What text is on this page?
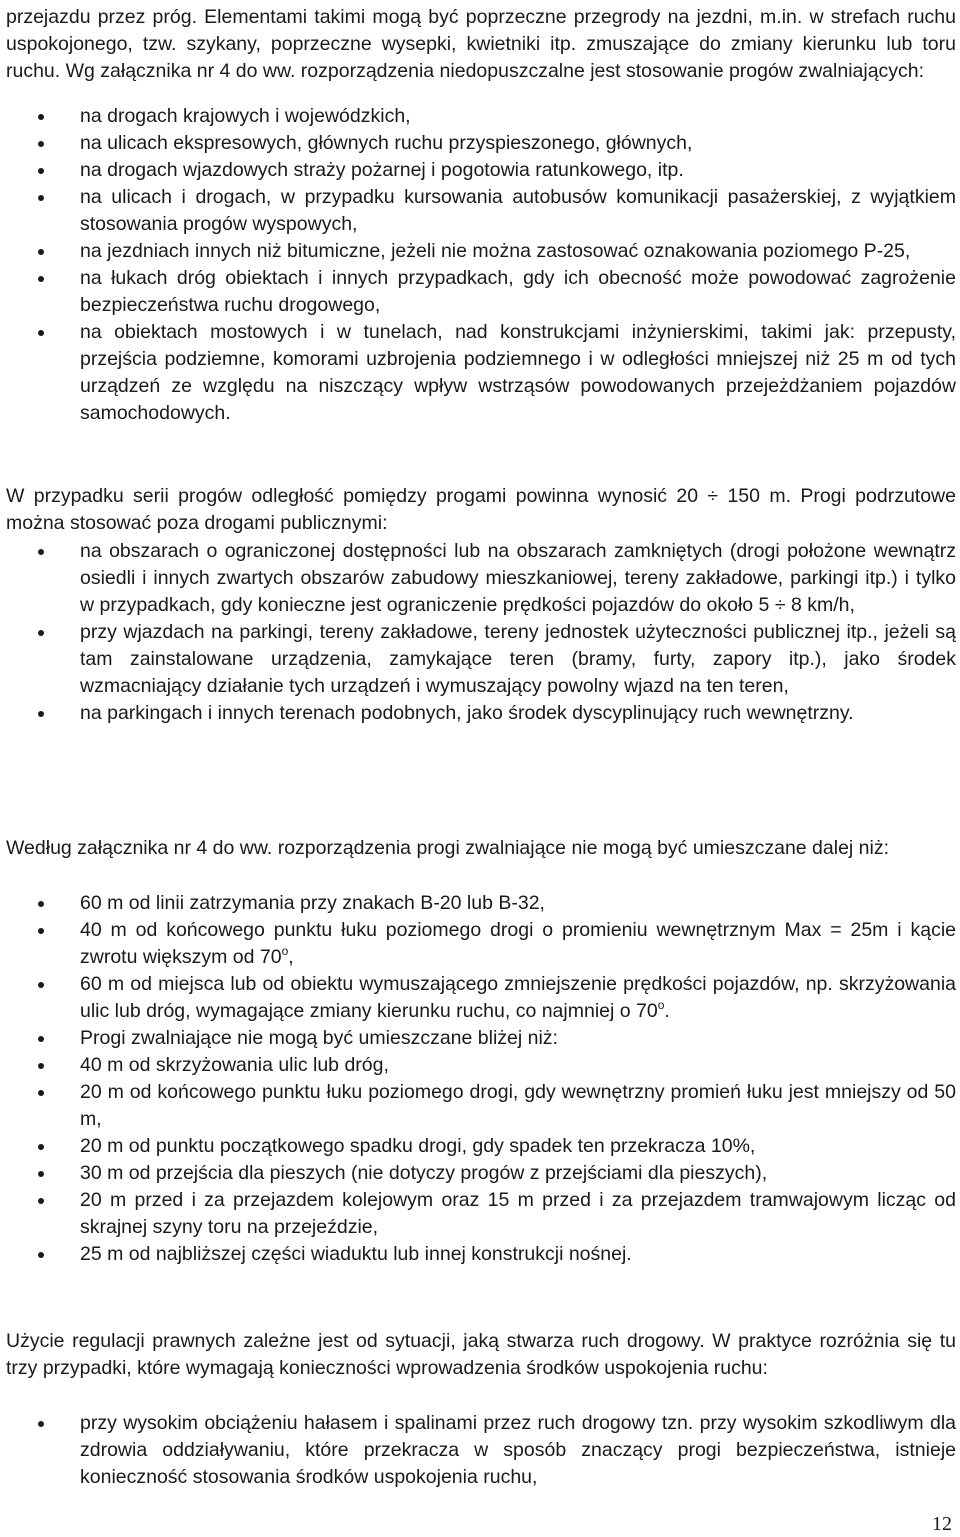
przejazdu przez próg. Elementami takimi mogą być poprzeczne przegrody na jezdni, m.in. w strefach ruchu uspokojonego, tzw. szykany, poprzeczne wysepki, kwietniki itp. zmuszające do zmiany kierunku lub toru ruchu. Wg załącznika nr 4 do ww. rozporządzenia niedopuszczalne jest stosowanie progów zwalniających:

na drogach krajowych i wojewódzkich,
na ulicach ekspresowych, głównych ruchu przyspieszonego, głównych,
na drogach wjazdowych straży pożarnej i pogotowia ratunkowego, itp.
na ulicach i drogach, w przypadku kursowania autobusów komunikacji pasażerskiej, z wyjątkiem stosowania progów wyspowych,
na jezdniach innych niż bitumiczne, jeżeli nie można zastosować oznakowania poziomego P-25,
na łukach dróg obiektach i innych przypadkach, gdy ich obecność może powodować zagrożenie bezpieczeństwa ruchu drogowego,
na obiektach mostowych i w tunelach, nad konstrukcjami inżynierskimi, takimi jak: przepusty, przejścia podziemne, komorami uzbrojenia podziemnego i w odległości mniejszej niż 25 m od tych urządzeń ze względu na niszczący wpływ wstrząsów powodowanych przejeżdżaniem pojazdów samochodowych.

W przypadku serii progów odległość pomiędzy progami powinna wynosić 20 ÷ 150 m. Progi podrzutowe można stosować poza drogami publicznymi:

na obszarach o ograniczonej dostępności lub na obszarach zamkniętych (drogi położone wewnątrz osiedli i innych zwartych obszarów zabudowy mieszkaniowej, tereny zakładowe, parkingi itp.) i tylko w przypadkach, gdy konieczne jest ograniczenie prędkości pojazdów do około 5 ÷ 8 km/h,
przy wjazdach na parkingi, tereny zakładowe, tereny jednostek użyteczności publicznej itp., jeżeli są tam zainstalowane urządzenia, zamykające teren (bramy, furty, zapory itp.), jako środek wzmacniający działanie tych urządzeń i wymuszający powolny wjazd na ten teren,
na parkingach i innych terenach podobnych, jako środek dyscyplinujący ruch wewnętrzny.

Według załącznika nr 4 do ww. rozporządzenia progi zwalniające nie mogą być umieszczane dalej niż:

60 m od linii zatrzymania przy znakach B-20 lub B-32,
40 m od końcowego punktu łuku poziomego drogi o promieniu wewnętrznym Max = 25m i kącie zwrotu większym od 70$^o$,
60 m od miejsca lub od obiektu wymuszającego zmniejszenie prędkości pojazdów, np. skrzyżowania ulic lub dróg, wymagające zmiany kierunku ruchu, co najmniej o 70$^o$.
Progi zwalniające nie mogą być umieszczane bliżej niż:
40 m od skrzyżowania ulic lub dróg,
20 m od końcowego punktu łuku poziomego drogi, gdy wewnętrzny promień łuku jest mniejszy od 50 m,
20 m od punktu początkowego spadku drogi, gdy spadek ten przekracza 10%,
30 m od przejścia dla pieszych (nie dotyczy progów z przejściami dla pieszych),
20 m przed i za przejazdem kolejowym oraz 15 m przed i za przejazdem tramwajowym licząc od skrajnej szyny toru na przejeździe,
25 m od najbliższej części wiaduktu lub innej konstrukcji nośnej.

Użycie regulacji prawnych zależne jest od sytuacji, jaką stwarza ruch drogowy. W praktyce rozróżnia się tu trzy przypadki, które wymagają konieczności wprowadzenia środków uspokojenia ruchu:

przy wysokim obciążeniu hałasem i spalinami przez ruch drogowy tzn. przy wysokim szkodliwym dla zdrowia oddziaływaniu, które przekracza w sposób znaczący progi bezpieczeństwa, istnieje konieczność stosowania środków uspokojenia ruchu,
12
